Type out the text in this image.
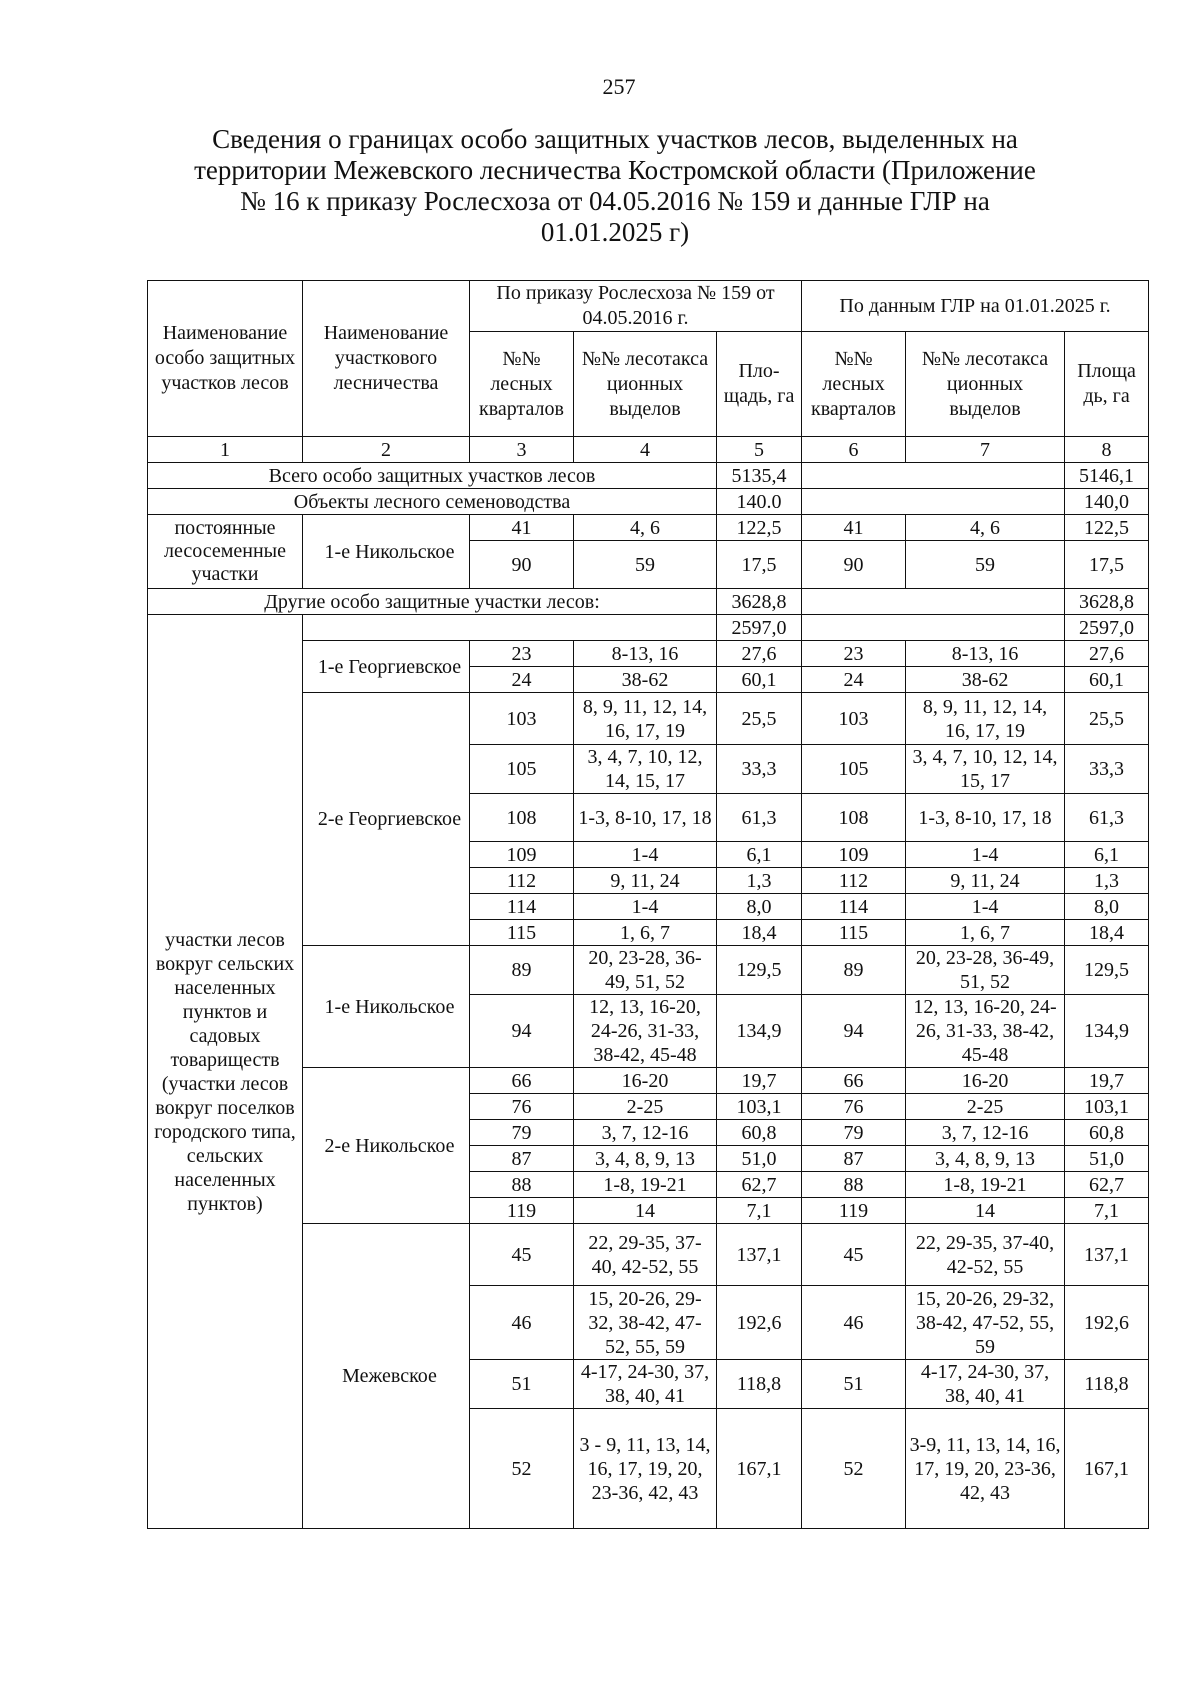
257
Сведения о границах особо защитных участков лесов, выделенных на
территории Межевского лесничества Костромской области (Приложение
№ 16 к приказу Рослесхоза от 04.05.2016 № 159 и данные ГЛР на
01.01.2025 г)
Наименование особо защитных участков лесов	Наименование участкового лесничества	По приказу Рослесхоза № 159 от 04.05.2016 г.			По данным ГЛР на 01.01.2025 г.		
		№№ лесных кварталов	№№ лесотакса ционных выделов	Пло- щадь, га	№№ лесных кварталов	№№ лесотакса ционных выделов	Площа дь, га
1	2	3	4	5	6	7	8
Всего особо защитных участков лесов				5135,4			5146,1
Объекты лесного семеноводства				140.0			140,0
постоянные лесосеменные участки	1-е Никольское	41	4, 6	122,5	41	4, 6	122,5
		90	59	17,5	90	59	17,5
Другие особо защитные участки лесов:				3628,8			3628,8
участки лесов вокруг сельских населенных пунктов и садовых товариществ (участки лесов вокруг поселков городского типа, сельских населенных пунктов)				2597,0			2597,0
	1-е Георгиевское	23	8-13, 16	27,6	23	8-13, 16	27,6
		24	38-62	60,1	24	38-62	60,1
	2-е Георгиевское	103	8, 9, 11, 12, 14, 16, 17, 19	25,5	103	8, 9, 11, 12, 14, 16, 17, 19	25,5
		105	3, 4, 7, 10, 12, 14, 15, 17	33,3	105	3, 4, 7, 10, 12, 14, 15, 17	33,3
		108	1-3, 8-10, 17, 18	61,3	108	1-3, 8-10, 17, 18	61,3
		109	1-4	6,1	109	1-4	6,1
		112	9, 11, 24	1,3	112	9, 11, 24	1,3
		114	1-4	8,0	114	1-4	8,0
		115	1, 6, 7	18,4	115	1, 6, 7	18,4
	1-е Никольское	89	20, 23-28, 36-49, 51, 52	129,5	89	20, 23-28, 36-49, 51, 52	129,5
		94	12, 13, 16-20, 24-26, 31-33, 38-42, 45-48	134,9	94	12, 13, 16-20, 24-26, 31-33, 38-42, 45-48	134,9
	2-е Никольское	66	16-20	19,7	66	16-20	19,7
		76	2-25	103,1	76	2-25	103,1
		79	3, 7, 12-16	60,8	79	3, 7, 12-16	60,8
		87	3, 4, 8, 9, 13	51,0	87	3, 4, 8, 9, 13	51,0
		88	1-8, 19-21	62,7	88	1-8, 19-21	62,7
		119	14	7,1	119	14	7,1
	Межевское	45	22, 29-35, 37-40, 42-52, 55	137,1	45	22, 29-35, 37-40, 42-52, 55	137,1
		46	15, 20-26, 29-32, 38-42, 47-52, 55, 59	192,6	46	15, 20-26, 29-32, 38-42, 47-52, 55, 59	192,6
		51	4-17, 24-30, 37, 38, 40, 41	118,8	51	4-17, 24-30, 37, 38, 40, 41	118,8
		52	3 - 9, 11, 13, 14, 16, 17, 19, 20, 23-36, 42, 43	167,1	52	3-9, 11, 13, 14, 16, 17, 19, 20, 23-36, 42, 43	167,1
